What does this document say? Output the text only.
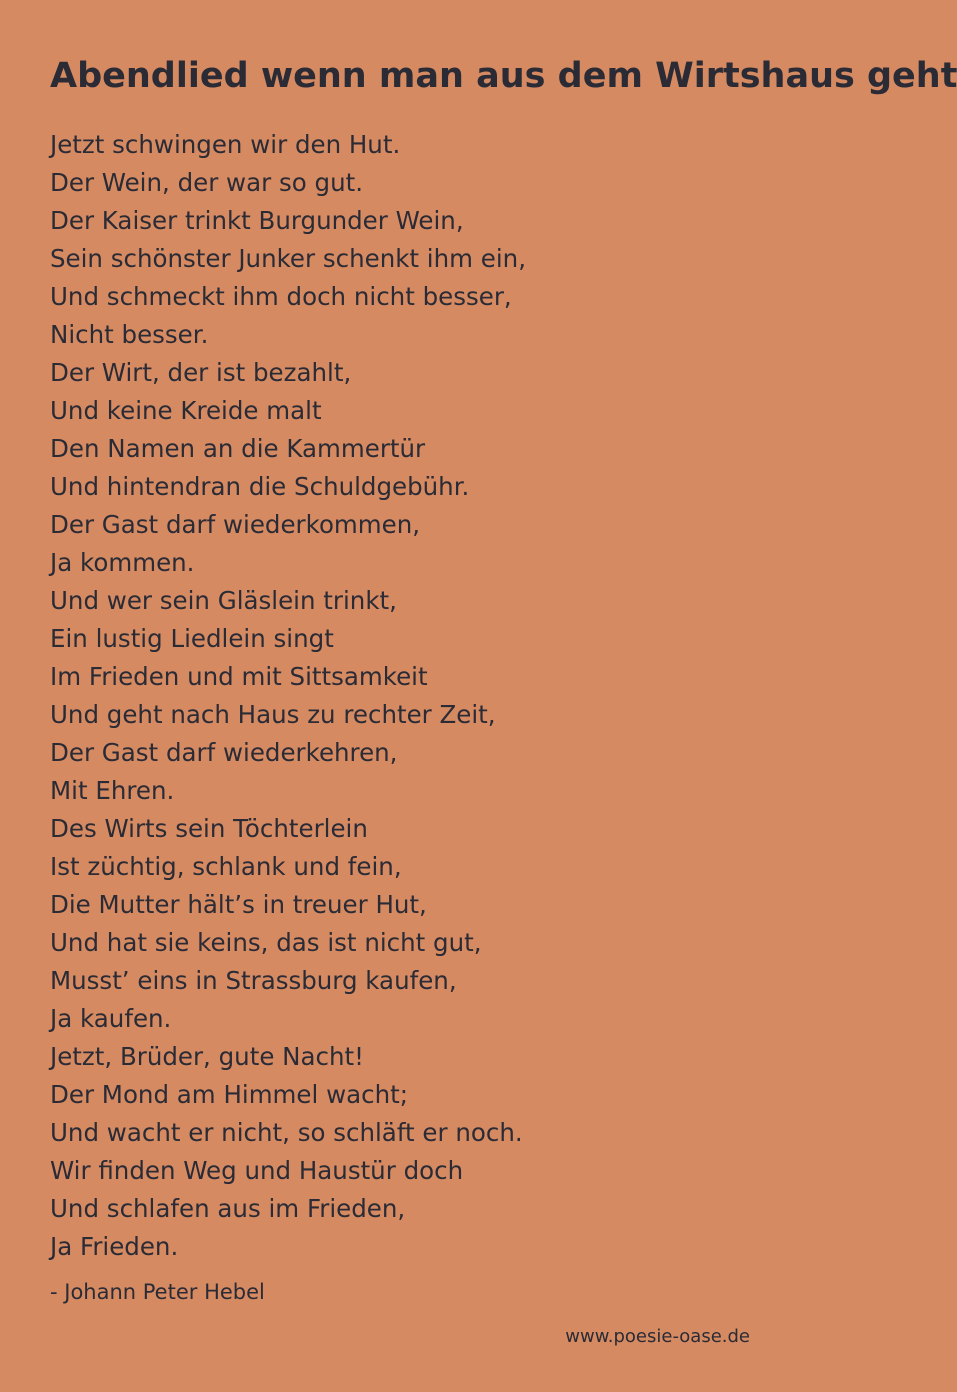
Abendlied wenn man aus dem Wirtshaus geht
Jetzt schwingen wir den Hut.
Der Wein, der war so gut.
Der Kaiser trinkt Burgunder Wein,
Sein schönster Junker schenkt ihm ein,
Und schmeckt ihm doch nicht besser,
Nicht besser.
Der Wirt, der ist bezahlt,
Und keine Kreide malt
Den Namen an die Kammertür
Und hintendran die Schuldgebühr.
Der Gast darf wiederkommen,
Ja kommen.
Und wer sein Gläslein trinkt,
Ein lustig Liedlein singt
Im Frieden und mit Sittsamkeit
Und geht nach Haus zu rechter Zeit,
Der Gast darf wiederkehren,
Mit Ehren.
Des Wirts sein Töchterlein
Ist züchtig, schlank und fein,
Die Mutter hält’s in treuer Hut,
Und hat sie keins, das ist nicht gut,
Musst’ eins in Strassburg kaufen,
Ja kaufen.
Jetzt, Brüder, gute Nacht!
Der Mond am Himmel wacht;
Und wacht er nicht, so schläft er noch.
Wir finden Weg und Haustür doch
Und schlafen aus im Frieden,
Ja Frieden.

- Johann Peter Hebel

www.poesie-oase.de
